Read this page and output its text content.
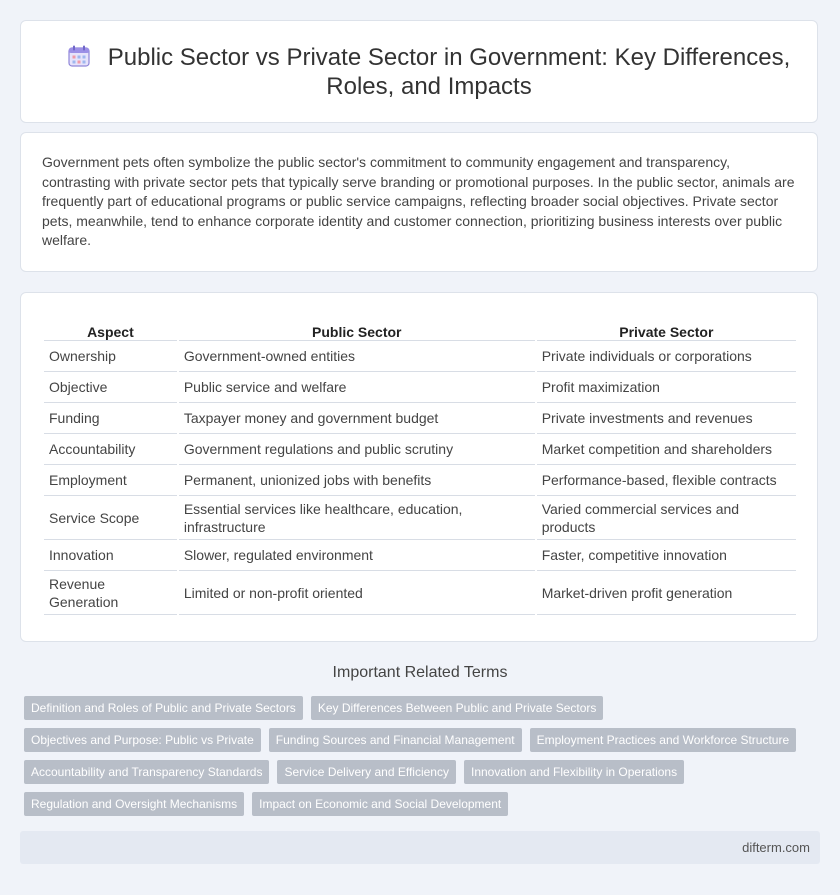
Public Sector vs Private Sector in Government: Key Differences, Roles, and Impacts

Government pets often symbolize the public sector's commitment to community engagement and transparency, contrasting with private sector pets that typically serve branding or promotional purposes. In the public sector, animals are frequently part of educational programs or public service campaigns, reflecting broader social objectives. Private sector pets, meanwhile, tend to enhance corporate identity and customer connection, prioritizing business interests over public welfare.

Aspect	Public Sector	Private Sector
Ownership	Government-owned entities	Private individuals or corporations
Objective	Public service and welfare	Profit maximization
Funding	Taxpayer money and government budget	Private investments and revenues
Accountability	Government regulations and public scrutiny	Market competition and shareholders
Employment	Permanent, unionized jobs with benefits	Performance-based, flexible contracts
Service Scope	Essential services like healthcare, education, infrastructure	Varied commercial services and products
Innovation	Slower, regulated environment	Faster, competitive innovation
Revenue Generation	Limited or non-profit oriented	Market-driven profit generation
Important Related Terms
Definition and Roles of Public and Private Sectors	Key Differences Between Public and Private Sectors
Objectives and Purpose: Public vs Private	Funding Sources and Financial Management	Employment Practices and Workforce Structure
Accountability and Transparency Standards	Service Delivery and Efficiency	Innovation and Flexibility in Operations
Regulation and Oversight Mechanisms	Impact on Economic and Social Development
difterm.com
